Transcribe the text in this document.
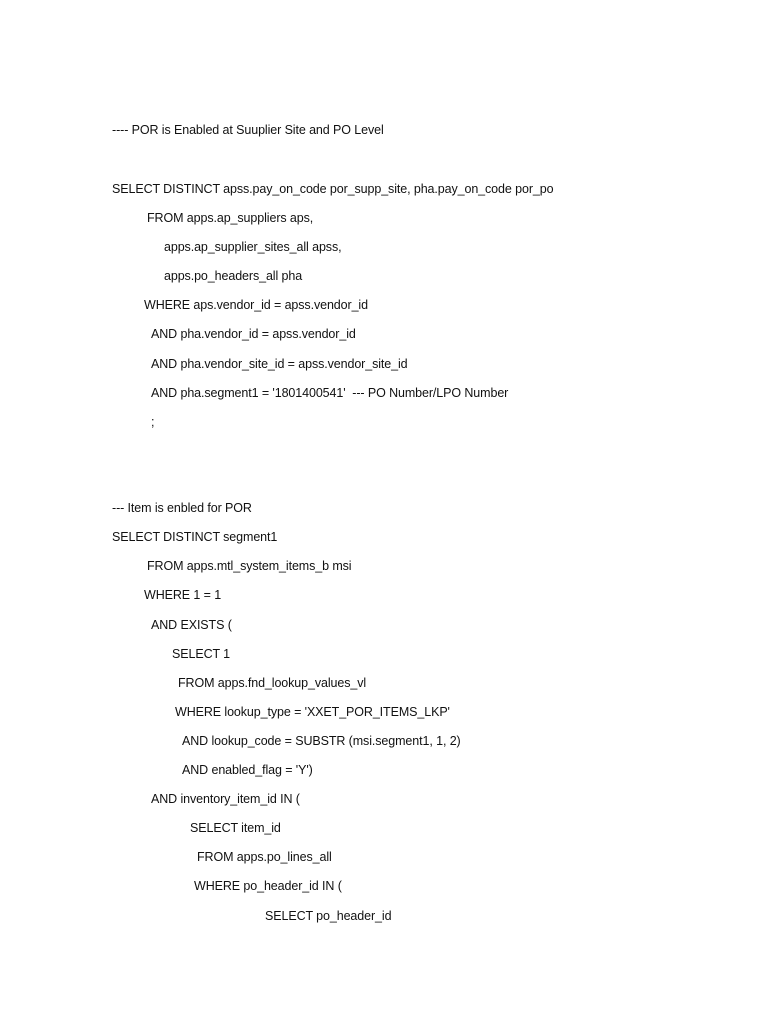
---- POR is Enabled at Suuplier Site and PO Level
SELECT DISTINCT apss.pay_on_code por_supp_site, pha.pay_on_code por_po
FROM apps.ap_suppliers aps,
apps.ap_supplier_sites_all apss,
apps.po_headers_all pha
WHERE aps.vendor_id = apss.vendor_id
AND pha.vendor_id = apss.vendor_id
AND pha.vendor_site_id = apss.vendor_site_id
AND pha.segment1 = '1801400541'  --- PO Number/LPO Number
;
--- Item is enbled for POR
SELECT DISTINCT segment1
FROM apps.mtl_system_items_b msi
WHERE 1 = 1
AND EXISTS (
SELECT 1
FROM apps.fnd_lookup_values_vl
WHERE lookup_type = 'XXET_POR_ITEMS_LKP'
AND lookup_code = SUBSTR (msi.segment1, 1, 2)
AND enabled_flag = 'Y')
AND inventory_item_id IN (
SELECT item_id
FROM apps.po_lines_all
WHERE po_header_id IN (
SELECT po_header_id
